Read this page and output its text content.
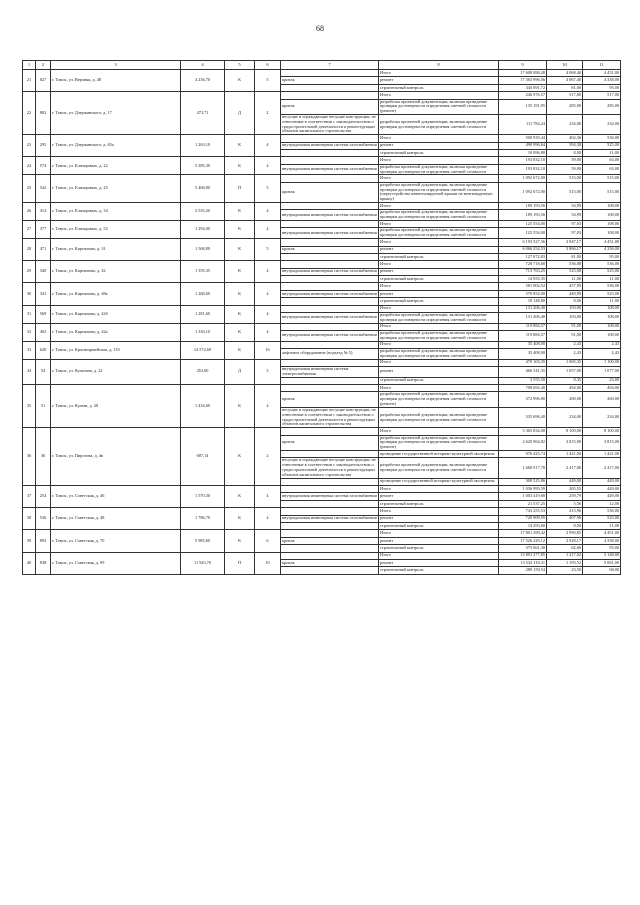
68
1	2	3	4	5	6	7	8	9	10	11
21	827	г. Томск, ул. Верхняя, д. 48	4 236,70	К	5		Итого	17 608 088,28	4 068,40	4 451,00
						кровля	ремонт	17 363 996,56	4 067,40	4 338,00
							строительный контроль	345 091,72	81,00	95,00
22	882	г. Томск, ул. Дзержинского, д. 17	473,71	Д	2		Итого	246 976,57	517,00	517,00
						кровля	разработка проектной документации, включая проведение проверки достоверности определения сметной стоимости (ремонт)	135 191,95	285,00	285,00

						несущие и ограждающие несущие конструкции, не отнесенные в соответствии с законодательством о градостроительной деятельности к реконструкции объектов капитального строительства	разработка проектной документации, включая проведение проверки достоверности определения сметной стоимости	111 784,24	234,00	234,00

23	295	г. Томск, ул. Дзержинского, д. 65а	1 263,10	К	4		Итого	500 935,44	402,36	536,00
						внутридомовая инженерная система газоснабжения	ремонт	490 996,64	394,38	525,00
							строительный контроль	10 096,80	8,00	11,00
24	574	г. Томск, ул. Елизаровых, д. 22	5 285,30	К	4		Итого	193 832,10	59,00	63,00
						внутридомовая инженерная система газоснабжения	разработка проектной документации, включая проведение проверки достоверности определения сметной стоимости	193 832,10	59,00	63,00

25	542	г. Томск, ул. Елизаровых, д. 25	5 468,80	П	5		Итого	1 092 672,00	515,00	515,00
						кровля	разработка проектной документации, включая проведение проверки достоверности определения сметной стоимости (переустройство невентилируемой крыши на вентилируемую крышу)	1 092 672,00	515,00	515,00

26	414	г. Томск, ул. Елизаровых, д. 34	2 535,20	К	4		Итого	189 193,56	54,99	108,00
						внутридомовая инженерная система газоснабжения	разработка проектной документации, включая проведение проверки достоверности определения сметной стоимости	189 193,56	54,99	108,00

27	377	г. Томск, ул. Елизаровых, д. 52	1 294,00	К	4		Итого	125 554,00	97,03	108,00
						внутридомовая инженерная система газоснабжения	разработка проектной документации, включая проведение проверки достоверности определения сметной стоимости	125 554,00	97,03	108,00

28	471	г. Томск, ул. Карташова, д. 31	1 568,80	К	5		Итого	6 193 527,36	3 947,17	4 451,00
						кровля	ремонт	6 066 254,53	3 866,17	4 356,00
							строительный контроль	127 072,83	81,00	95,00
29	340	г. Томск, ул. Карташова, д. 42	1 359,35	К	4		Итого	728 718,60	536,08	536,00
						внутридомовая инженерная система газоснабжения	ремонт	713 763,25	525,08	525,00
							строительный контроль	14 955,35	11,00	11,00
30	341	г. Томск, ул. Карташова, д. 48а	1 268,60	К	4		Итого	581 002,52	457,99	536,00
						внутридомовая инженерная система газоснабжения	ремонт	570 854,00	449,99	525,00
							строительный контроль	10 148,80	8,00	11,00
31	569	г. Томск, ул. Карташова, д. 42б	1 281,60	К	4		Итого	131 206,40	103,00	108,00
						внутридомовая инженерная система газоснабжения	разработка проектной документации, включая проведение проверки достоверности определения сметной стоимости	131 206,40	103,00	108,00

32	402	г. Томск, ул. Карташова, д. 42а	1 330,10	К	4		Итого	119 884,57	91,00	108,00
						внутридомовая инженерная система газоснабжения	разработка проектной документации, включая проведение проверки достоверности определения сметной стоимости	119 884,57	91,00	108,00

33	620	г. Томск, ул. Красноармейская, д. 119	14 572,60	К	16		Итого	35 408,00	2,43	2,43
						лифтовое оборудование (подъезд № 5)	разработка проектной документации, включая проведение проверки достоверности определения сметной стоимости	35 408,00	2,43	2,43

34	54	г. Томск, ул. Кулагина, д. 22	453,00	Д	3		Итого	470 103,35	1 065,35	1 100,00
						внутридомовая инженерная система электроснабжения	ремонт	466 541,35	1 057,00	1 077,00
							строительный контроль	3 555,50	8,35	23,00
35	51	г. Томск, ул. Кулева, д. 28	1 434,60	К	4		Итого	708 692,40	494,00	494,00
						кровля	разработка проектной документации, включая проведение проверки достоверности определения сметной стоимости (ремонт)	372 996,00	260,00	260,00

						несущие и ограждающие несущие конструкции, не отнесенные в соответствии с законодательством о градостроительной деятельности к реконструкции объектов капитального строительства	разработка проектной документации, включая проведение проверки достоверности определения сметной стоимости	335 696,40	234,00	234,00

36	36	г. Томск, ул. Пирогова, д. 4в	687,14	К	2		Итого	5 365 834,00	8 100,00	8 100,00
						кровля	разработка проектной документации, включая проведение проверки достоверности определения сметной стоимости (ремонт)	2 620 964,82	3 815,00	3 815,00

							проведение государственной историко-культурной экспертизы	976 425,74	1 421,00	1 421,00

						несущие и ограждающие несущие конструкции, не отнесенные в соответствии с законодательством о градостроительной деятельности к реконструкции объектов капитального строительства	разработка проектной документации, включая проведение проверки достоверности определения сметной стоимости	1 660 917,78	2 417,00	2 417,00

							проведение государственной историко-культурной экспертизы	308 525,86	449,00	449,00

37	254	г. Томск, ул. Советская, д. 46	1 570,30	К	4		Итого	1 036 995,59	265,55	449,00
						внутридомовая инженерная система газоснабжения	ремонт	1 003 419,68	259,79	449,00
							строительный контроль	21 537,25	5,56	12,00
38	536	г. Томск, ул. Советская, д. 48	1 786,70	К	4		Итого	743 255,53	415,96	536,00
						внутридомовая инженерная система газоснабжения	ремонт	728 909,95	407,96	525,00
							строительный контроль	14 293,60	8,00	11,00
39	892	г. Томск, ул. Советская, д. 70	5 985,60	К	6		Итого	17 801 290,42	2 990,85	4 451,00
						кровля	ремонт	17 526 229,12	2 928,17	4 338,00
							строительный контроль	375 061,30	62,66	95,00
40	838	г. Томск, ул. Советская, д. 99	11 943,70	П	10		Итого	13 891 277,85	1 217,02	5 148,00
						кровля	ремонт	13 532 118,31	1 193,52	5 061,00
							строительный контроль	289 159,54	23,50	68,00
